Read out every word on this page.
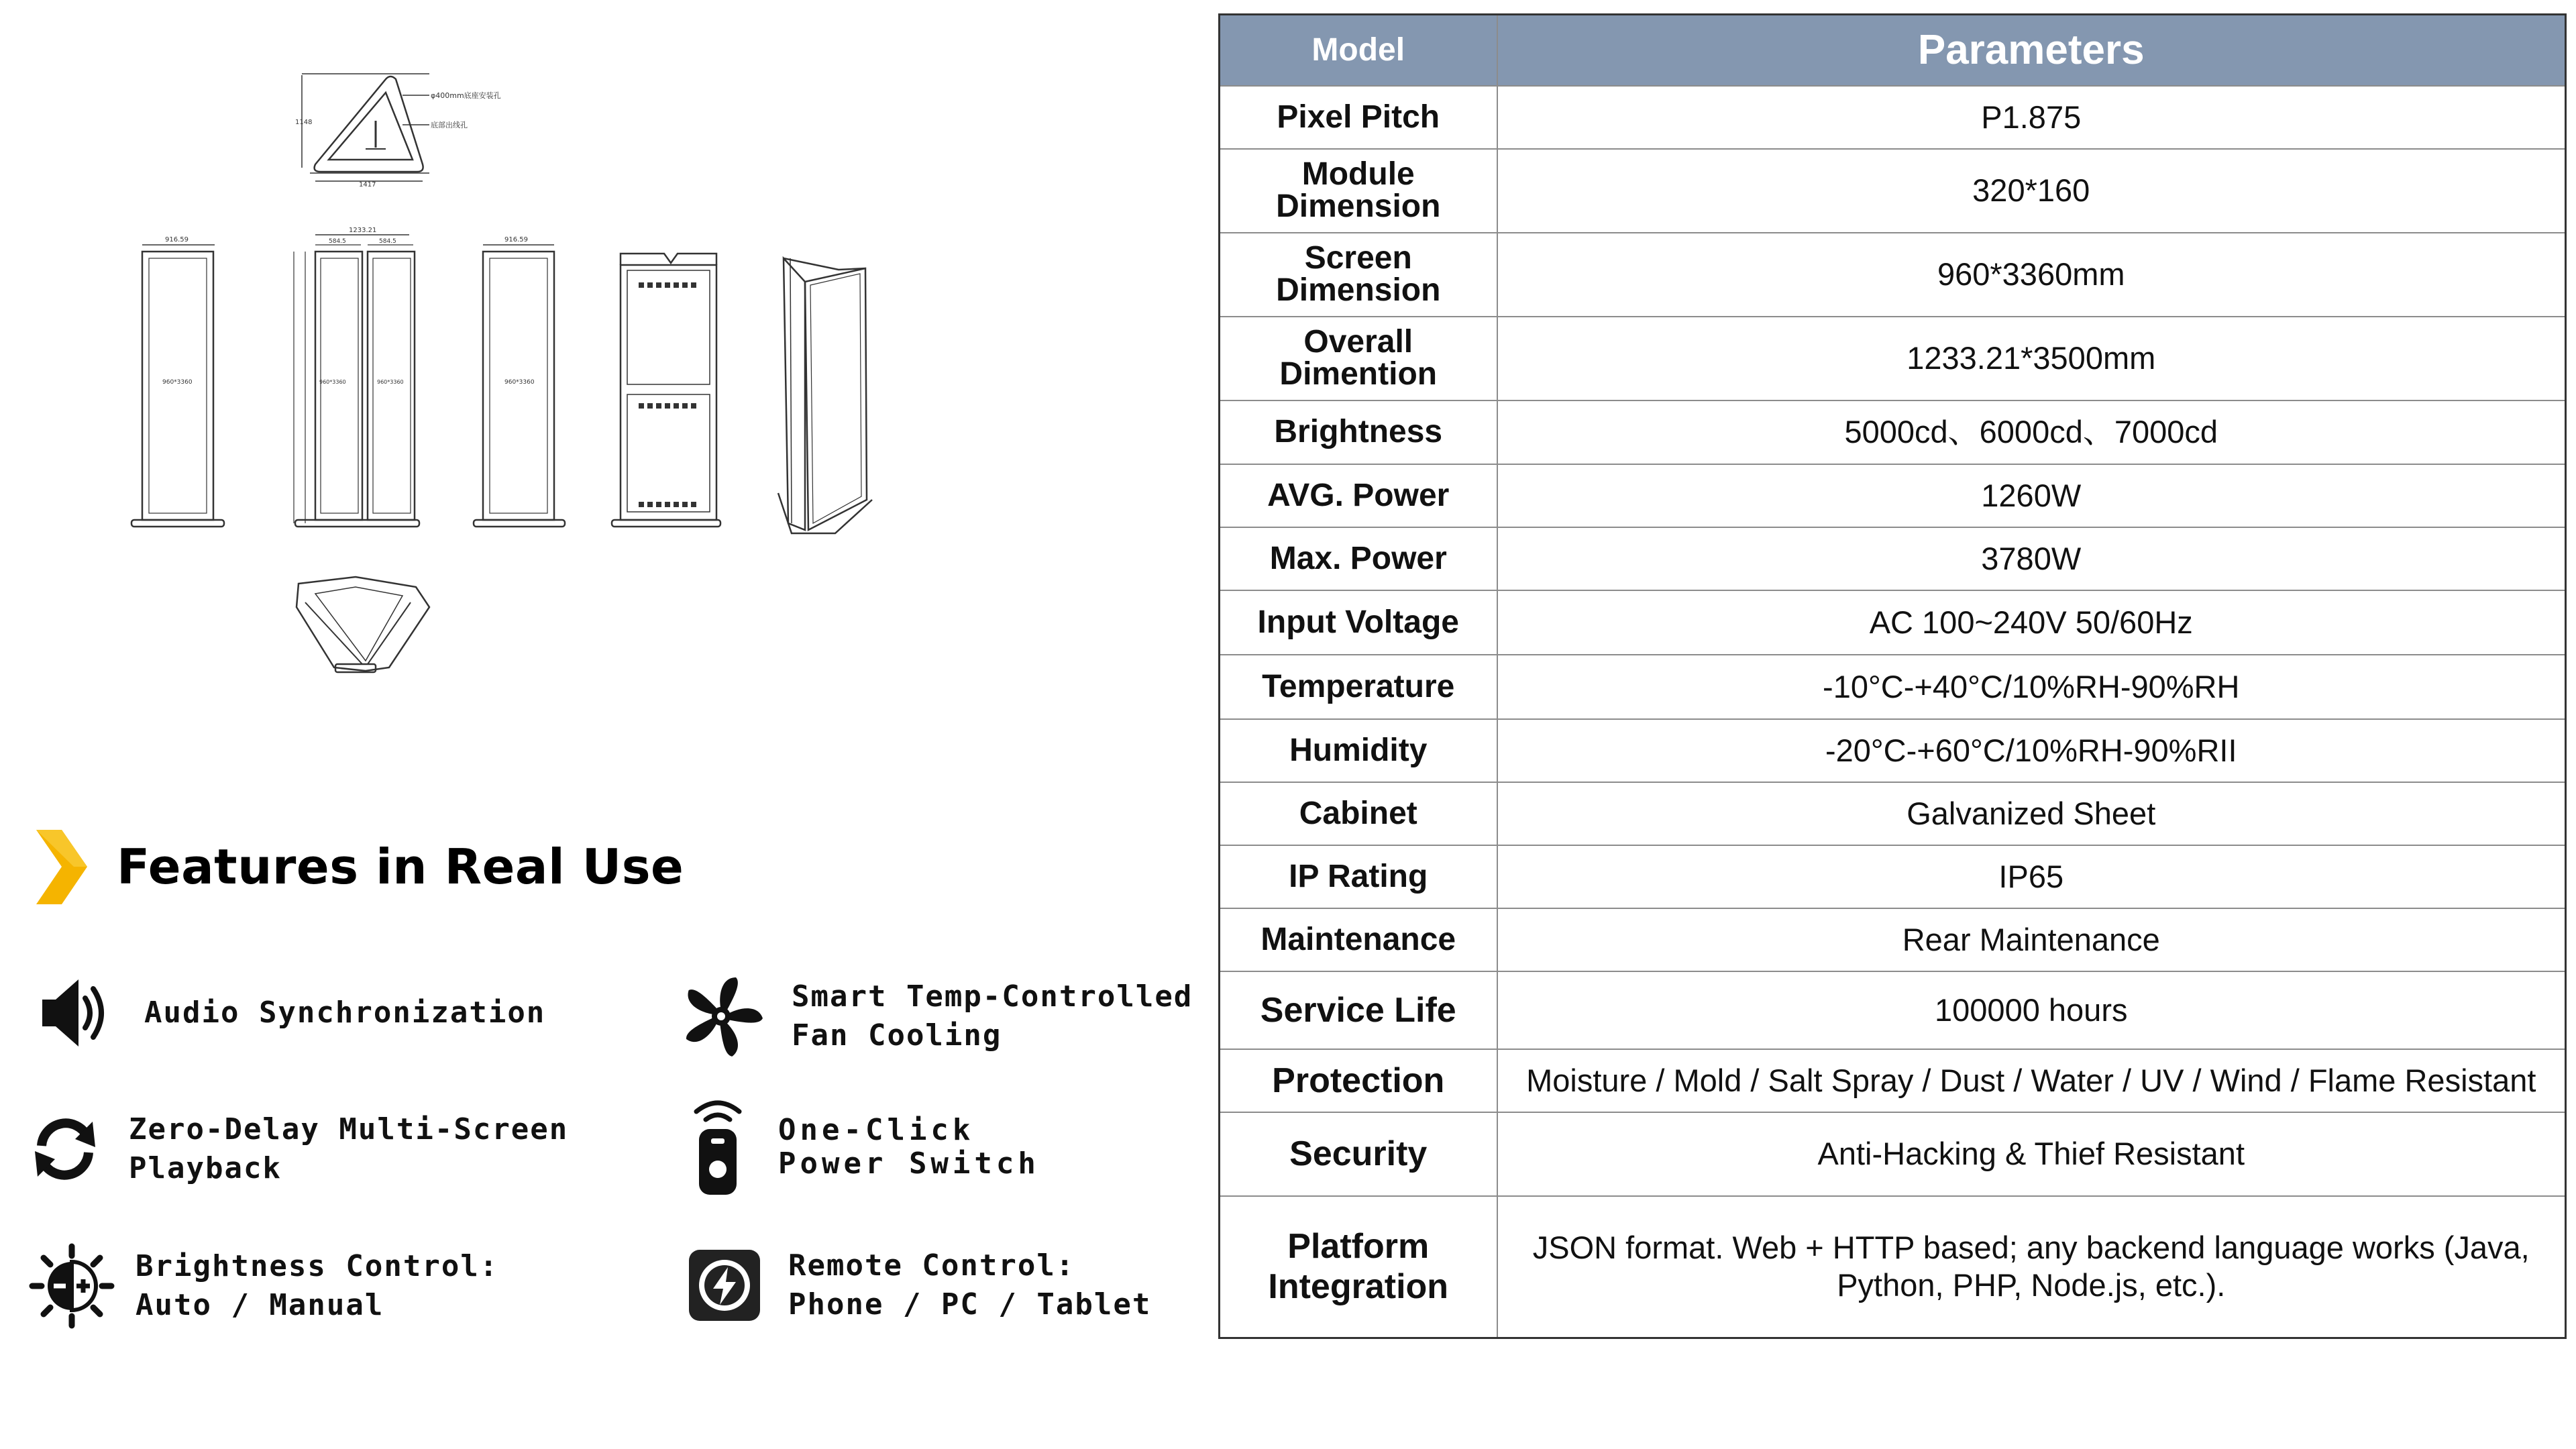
φ400mm底座安装孔
底部出线孔
1148
1417
916.59
960*3360
1233.21
584.5	584.5
960*3360	960*3360
916.59
960*3360
Features in Real Use
Audio Synchronization	Smart Temp-Controlled
Fan Cooling
Zero-Delay Multi-Screen
Playback
One-Click
Power Switch
Brightness Control:
Auto / Manual
Remote Control:
Phone / PC / Tablet
Model	Parameters
Pixel Pitch	P1.875
Module
Dimension	320*160
Screen
Dimension	960*3360mm
Overall
Dimention	1233.21*3500mm
Brightness	5000cd、6000cd、7000cd
AVG. Power	1260W
Max. Power	3780W
Input Voltage	AC 100~240V 50/60Hz
Temperature	-10°C-+40°C/10%RH-90%RH
Humidity	-20°C-+60°C/10%RH-90%RII
Cabinet	Galvanized Sheet
IP Rating	IP65
Maintenance	Rear Maintenance
Service Life	100000 hours
Protection	Moisture / Mold / Salt Spray / Dust / Water / UV / Wind / Flame Resistant
Security	Anti-Hacking & Thief Resistant
Platform
Integration	JSON format. Web + HTTP based; any backend language works (Java,
Python, PHP, Node.js, etc.).
